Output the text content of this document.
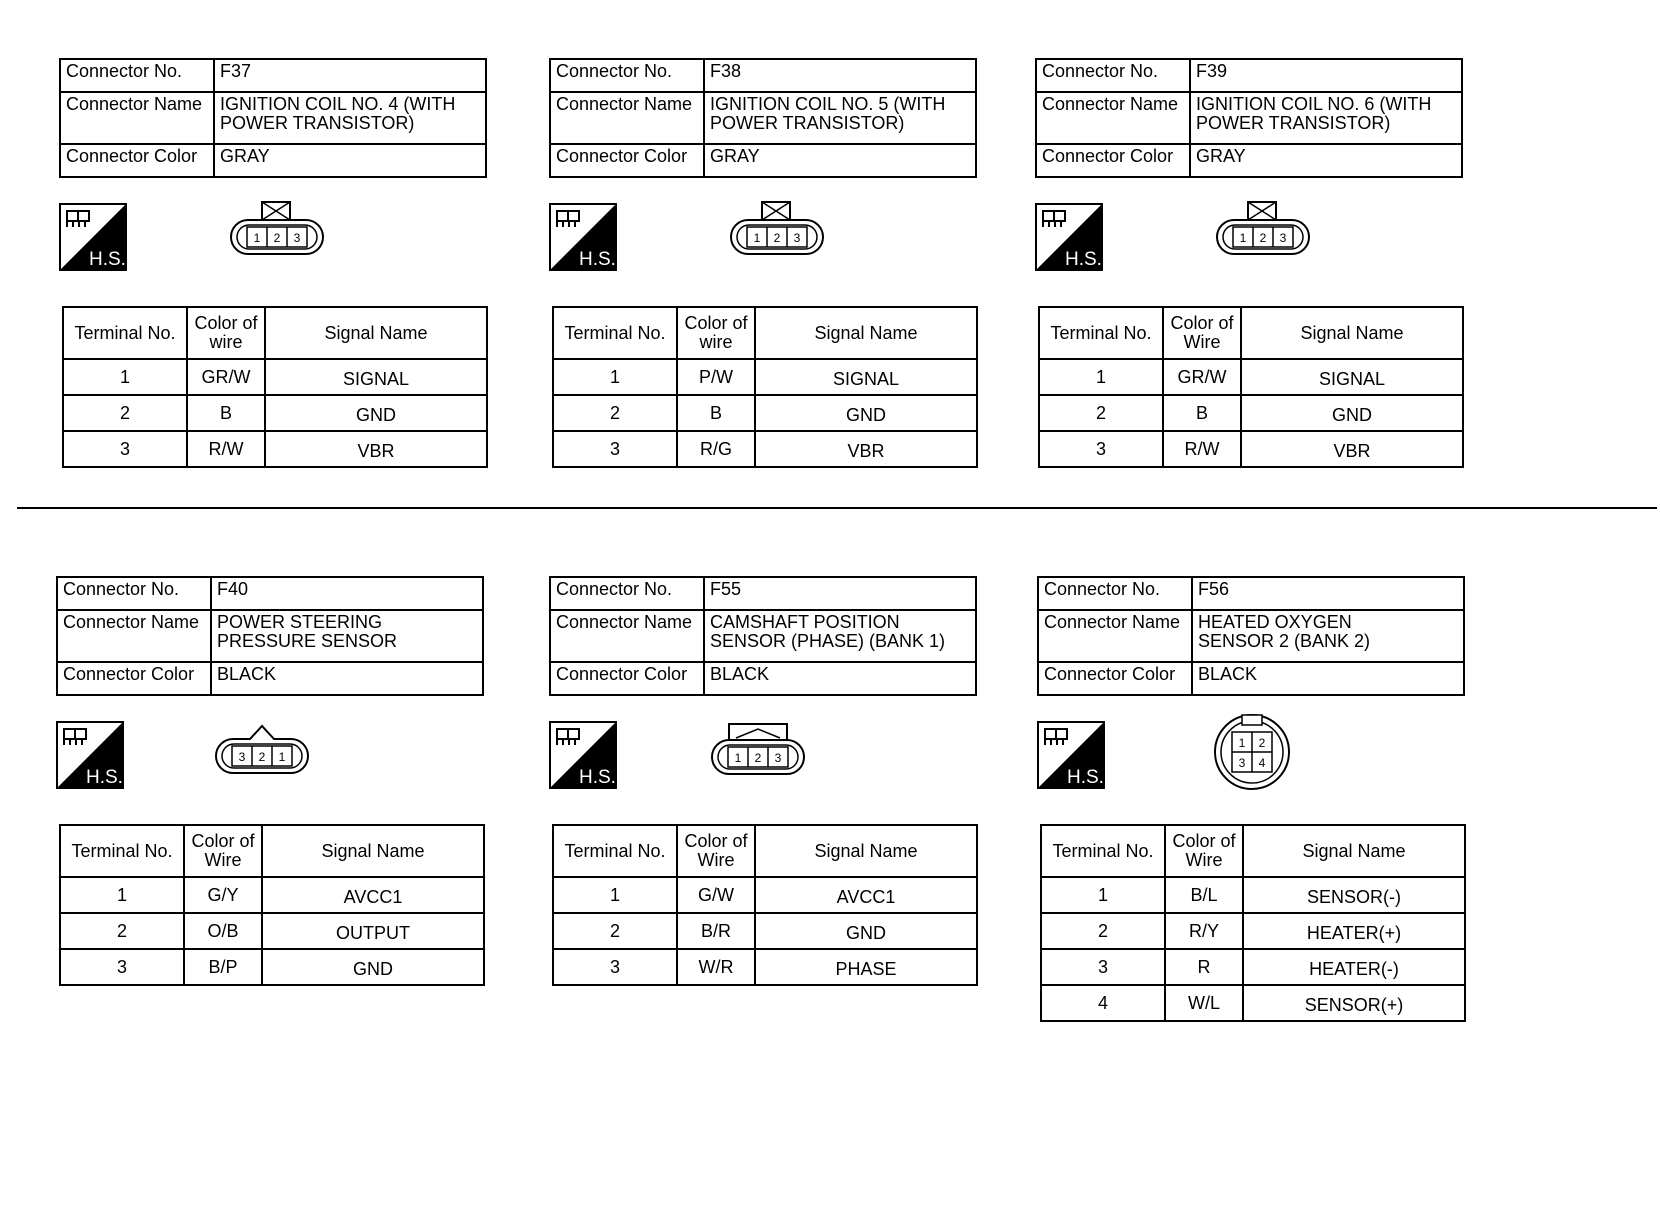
Connector No.	F37
Connector Name	IGNITION COIL NO. 4 (WITH
POWER TRANSISTOR)

Connector Color	GRAY
H.S.
1 2 3
Terminal No.	Color of
wire	Signal Name
1	GR/W	SIGNAL
2	B	GND
3	R/W	VBR
Connector No.	F38
Connector Name	IGNITION COIL NO. 5 (WITH
POWER TRANSISTOR)

Connector Color	GRAY
H.S.
1 2 3
Terminal No.	Color of
wire	Signal Name
1	P/W	SIGNAL
2	B	GND
3	R/G	VBR
Connector No.	F39
Connector Name	IGNITION COIL NO. 6 (WITH
POWER TRANSISTOR)

Connector Color	GRAY
H.S.
1 2 3
Terminal No.	Color of
Wire	Signal Name
1	GR/W	SIGNAL
2	B	GND
3	R/W	VBR
Connector No.	F40
Connector Name	POWER STEERING
PRESSURE SENSOR

Connector Color	BLACK
H.S.
3 2 1
Terminal No.	Color of
Wire	Signal Name
1	G/Y	AVCC1
2	O/B	OUTPUT
3	B/P	GND
Connector No.	F55
Connector Name	CAMSHAFT POSITION
SENSOR (PHASE) (BANK 1)

Connector Color	BLACK
H.S.
1 2 3
Terminal No.	Color of
Wire	Signal Name
1	G/W	AVCC1
2	B/R	GND
3	W/R	PHASE
Connector No.	F56
Connector Name	HEATED OXYGEN
SENSOR 2 (BANK 2)

Connector Color	BLACK
H.S.
1 2
3 4
Terminal No.	Color of
Wire	Signal Name
1	B/L	SENSOR(-)
2	R/Y	HEATER(+)
3	R	HEATER(-)
4	W/L	SENSOR(+)
